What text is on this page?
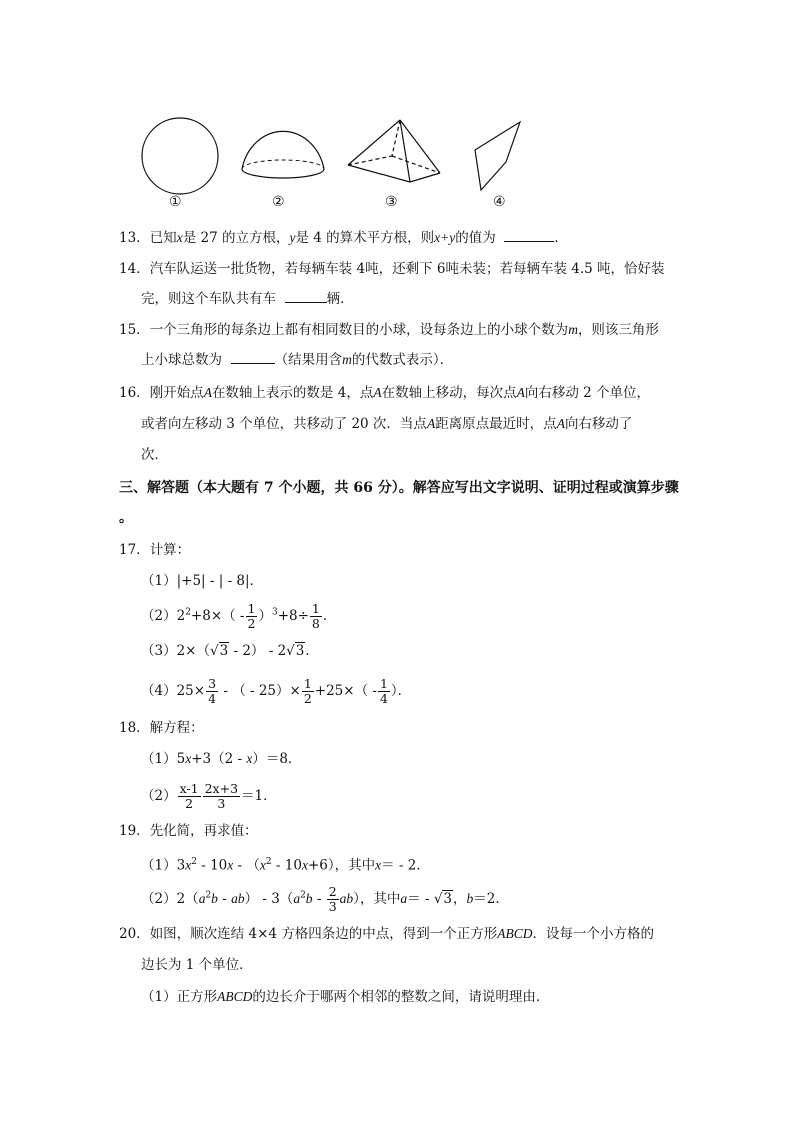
①	②	③	④
13．已知x是 27 的立方根，y是 4 的算术平方根，则x+y的值为	．
14．汽车队运送一批货物，若每辆车装 4吨，还剩下 6吨未装；若每辆车装 4.5 吨，恰好装
完，则这个车队共有车	辆．
15．一个三角形的每条边上都有相同数目的小球，设每条边上的小球个数为m，则该三角形
上小球总数为	（结果用含m的代数式表示）．
16．刚开始点A在数轴上表示的数是 4，点A在数轴上移动，每次点A向右移动 2 个单位，
或者向左移动 3 个单位，共移动了 20 次．当点A距离原点最近时，点A向右移动了
次．
三、解答题（本大题有 7 个小题，共 66 分）。解答应写出文字说明、证明过程或演算步骤
。
17．计算：
（1）|+5| - | - 8|．
$(2)2^2+8\times( - \frac{1}{2} )^3+8\div \frac{1}{8}$ ．
（3）2×（√3 - 2） - 2√3．
$(4)25\times \frac{3}{4}$ - （ - $25)\times \frac{1}{2} +25\times( - \frac{1}{4}$ ）．
18．解方程：
（1）5x+3（2 - x）＝8．
$(2) \frac{x-1}{2} \frac{2x+3}{3} =1$．
19．先化简，再求值：
$(1)3x^2 - 10x - (x^2 - 10x+6)$，其中x＝ - 2．
$(2)2(a^2b - ab) - 3(a^2b - \frac{2}{3} ab)$，其中a＝ - √3，b＝2．
20．如图，顺次连结 4×4 方格四条边的中点，得到一个正方形ABCD．设每一个小方格的
边长为 1 个单位．
（1）正方形ABCD的边长介于哪两个相邻的整数之间，请说明理由．
